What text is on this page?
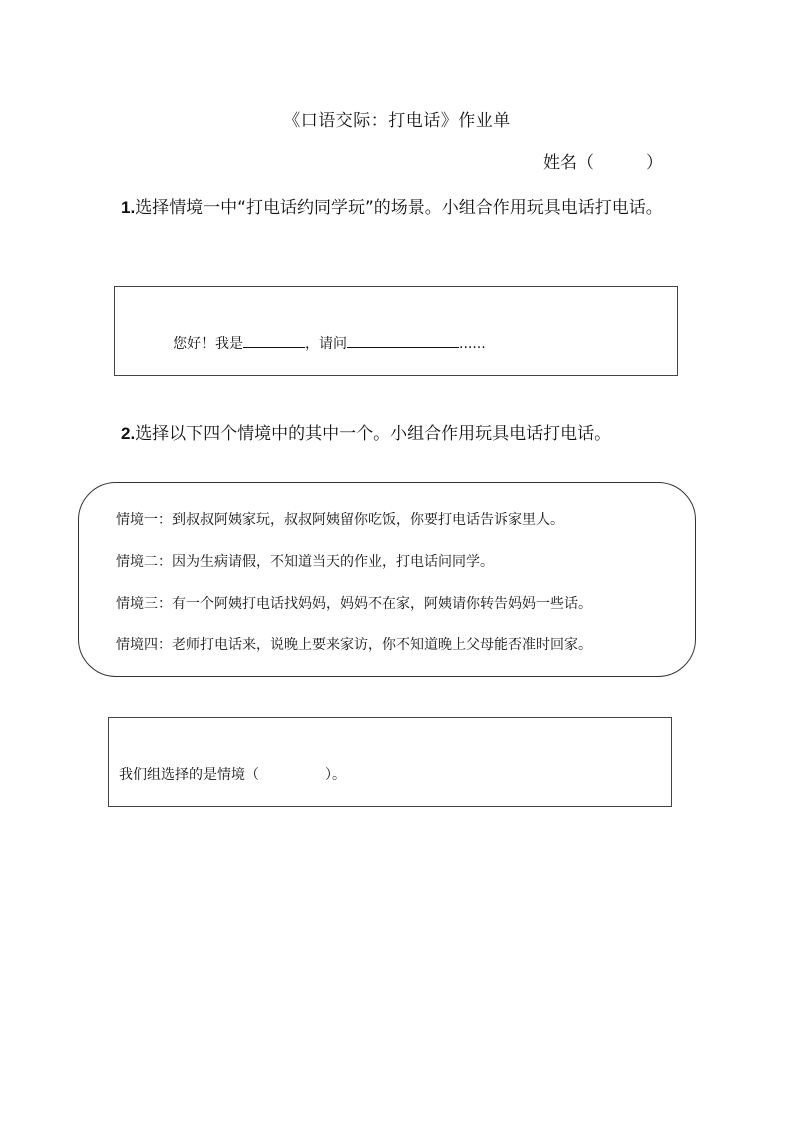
《口语交际：打电话》作业单
姓名（	）
1.选择情境一中“打电话约同学玩”的场景。小组合作用玩具电话打电话。
您好！我是	，请问	......
2.选择以下四个情境中的其中一个。小组合作用玩具电话打电话。
情境一：到叔叔阿姨家玩，叔叔阿姨留你吃饭，你要打电话告诉家里人。
情境二：因为生病请假，不知道当天的作业，打电话问同学。
情境三：有一个阿姨打电话找妈妈，妈妈不在家，阿姨请你转告妈妈一些话。
情境四：老师打电话来，说晚上要来家访，你不知道晚上父母能否准时回家。
我们组选择的是情境（	）。
